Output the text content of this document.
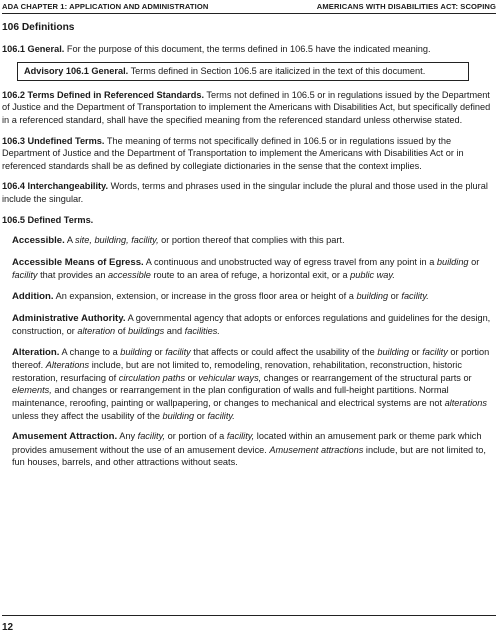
ADA CHAPTER 1: APPLICATION AND ADMINISTRATION	AMERICANS WITH DISABILITIES ACT: SCOPING
106 Definitions

106.1 General. For the purpose of this document, the terms defined in 106.5 have the indicated meaning.

Advisory 106.1 General. Terms defined in Section 106.5 are italicized in the text of this document.

106.2 Terms Defined in Referenced Standards. Terms not defined in 106.5 or in regulations issued by the Department of Justice and the Department of Transportation to implement the Americans with Disabilities Act, but specifically defined in a referenced standard, shall have the specified meaning from the referenced standard unless otherwise stated.

106.3 Undefined Terms. The meaning of terms not specifically defined in 106.5 or in regulations issued by the Department of Justice and the Department of Transportation to implement the Americans with Disabilities Act or in referenced standards shall be as defined by collegiate dictionaries in the sense that the context implies.

106.4 Interchangeability. Words, terms and phrases used in the singular include the plural and those used in the plural include the singular.

106.5 Defined Terms.

Accessible. A site, building, facility, or portion thereof that complies with this part.

Accessible Means of Egress. A continuous and unobstructed way of egress travel from any point in a building or facility that provides an accessible route to an area of refuge, a horizontal exit, or a public way.

Addition. An expansion, extension, or increase in the gross floor area or height of a building or facility.

Administrative Authority. A governmental agency that adopts or enforces regulations and guidelines for the design, construction, or alteration of buildings and facilities.

Alteration. A change to a building or facility that affects or could affect the usability of the building or facility or portion thereof. Alterations include, but are not limited to, remodeling, renovation, rehabilitation, reconstruction, historic restoration, resurfacing of circulation paths or vehicular ways, changes or rearrangement of the structural parts or elements, and changes or rearrangement in the plan configuration of walls and full-height partitions. Normal maintenance, reroofing, painting or wallpapering, or changes to mechanical and electrical systems are not alterations unless they affect the usability of the building or facility.

Amusement Attraction. Any facility, or portion of a facility, located within an amusement park or theme park which provides amusement without the use of an amusement device. Amusement attractions include, but are not limited to, fun houses, barrels, and other attractions without seats.

12
